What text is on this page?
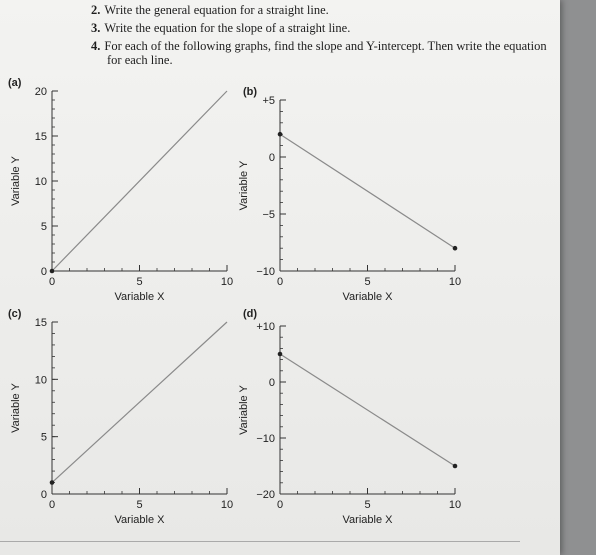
2. Write the general equation for a straight line.
3. Write the equation for the slope of a straight line.
4. For each of the following graphs, find the slope and Y-intercept. Then write the equation
for each line.
(a)
0
5
10
15
20
0	5	10
Variable X
Variable Y
(b)
−10
−5
0
+5
0	5	10
Variable X
Variable Y
(c)
0
5
10
15
0	5	10
Variable X
Variable Y
(d)
−20
−10
0
+10
0	5	10
Variable X
Variable Y
